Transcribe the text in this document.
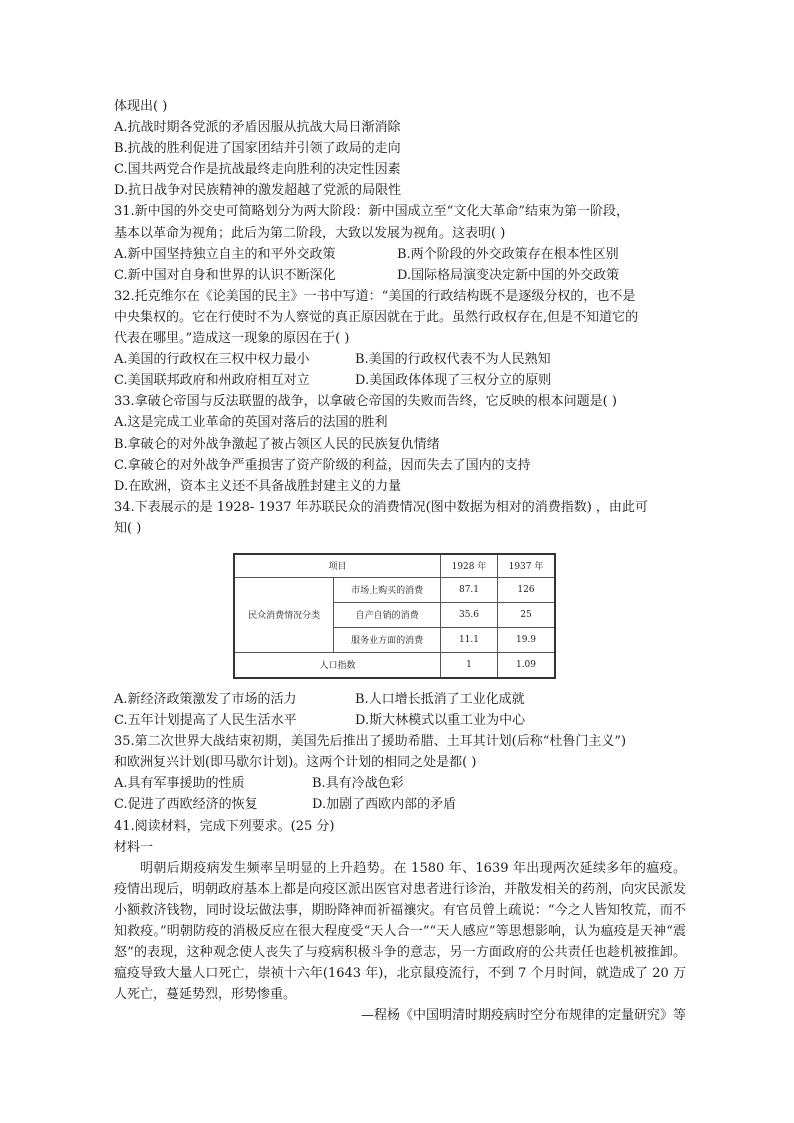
体现出( )
A.抗战时期各党派的矛盾因服从抗战大局日渐消除
B.抗战的胜利促进了国家团结并引领了政局的走向
C.国共两党合作是抗战最终走向胜利的决定性因素
D.抗日战争对民族精神的激发超越了党派的局限性
31.新中国的外交史可简略划分为两大阶段：新中国成立至“文化大革命”结束为第一阶段，
基本以革命为视角；此后为第二阶段，大致以发展为视角。这表明( )
A.新中国坚持独立自主的和平外交政策	B.两个阶段的外交政策存在根本性区别
C.新中国对自身和世界的认识不断深化	D.国际格局演变决定新中国的外交政策
32.托克维尔在《论美国的民主》一书中写道：“美国的行政结构既不是逐级分权的，也不是
中央集权的。它在行使时不为人察觉的真正原因就在于此。虽然行政权存在,但是不知道它的
代表在哪里。”造成这一现象的原因在于( )
A.美国的行政权在三权中权力最小	B.美国的行政权代表不为人民熟知
C.美国联邦政府和州政府相互对立	D.美国政体体现了三权分立的原则
33.拿破仑帝国与反法联盟的战争，以拿破仑帝国的失败而告终，它反映的根本问题是( )
A.这是完成工业革命的英国对落后的法国的胜利
B.拿破仑的对外战争激起了被占领区人民的民族复仇情绪
C.拿破仑的对外战争严重损害了资产阶级的利益，因而失去了国内的支持
D.在欧洲，资本主义还不具备战胜封建主义的力量
34.下表展示的是 1928- 1937 年苏联民众的消费情况(图中数据为相对的消费指数) ，由此可
知( )
项目		1928 年	1937 年
民众消费情况分类	市场上购买的消费	87.1	126
	自产自销的消费	35.6	25
	服务业方面的消费	11.1	19.9
人口指数		1	1.09
A.新经济政策激发了市场的活力	B.人口增长抵消了工业化成就
C.五年计划提高了人民生活水平	D.斯大林模式以重工业为中心
35.第二次世界大战结束初期，美国先后推出了援助希腊、土耳其计划(后称“杜鲁门主义”)
和欧洲复兴计划(即马歇尔计划)。这两个计划的相同之处是都( )
A.具有军事援助的性质	B.具有冷战色彩
C.促进了西欧经济的恢复	D.加剧了西欧内部的矛盾
41.阅读材料，完成下列要求。(25 分)
材料一
明朝后期疫病发生频率呈明显的上升趋势。在 1580 年、1639 年出现两次延续多年的瘟疫。疫情出现后，明朝政府基本上都是向疫区派出医官对患者进行诊治，并散发相关的药剂，向灾民派发小额救济钱物，同时设坛做法事，期盼降神而祈福禳灾。有官员曾上疏说：“今之人皆知牧荒，而不知救疫。”明朝防疫的消极反应在很大程度受“天人合一”“天人感应”等思想影响，认为瘟疫是天神“震怒”的表现，这种观念使人丧失了与疫病积极斗争的意志，另一方面政府的公共责任也趁机被推卸。瘟疫导致大量人口死亡，崇祯十六年(1643 年)，北京鼠疫流行，不到 7 个月时间，就造成了 20 万人死亡，蔓延势烈，形势惨重。
—程杨《中国明清时期疫病时空分布规律的定量研究》等
